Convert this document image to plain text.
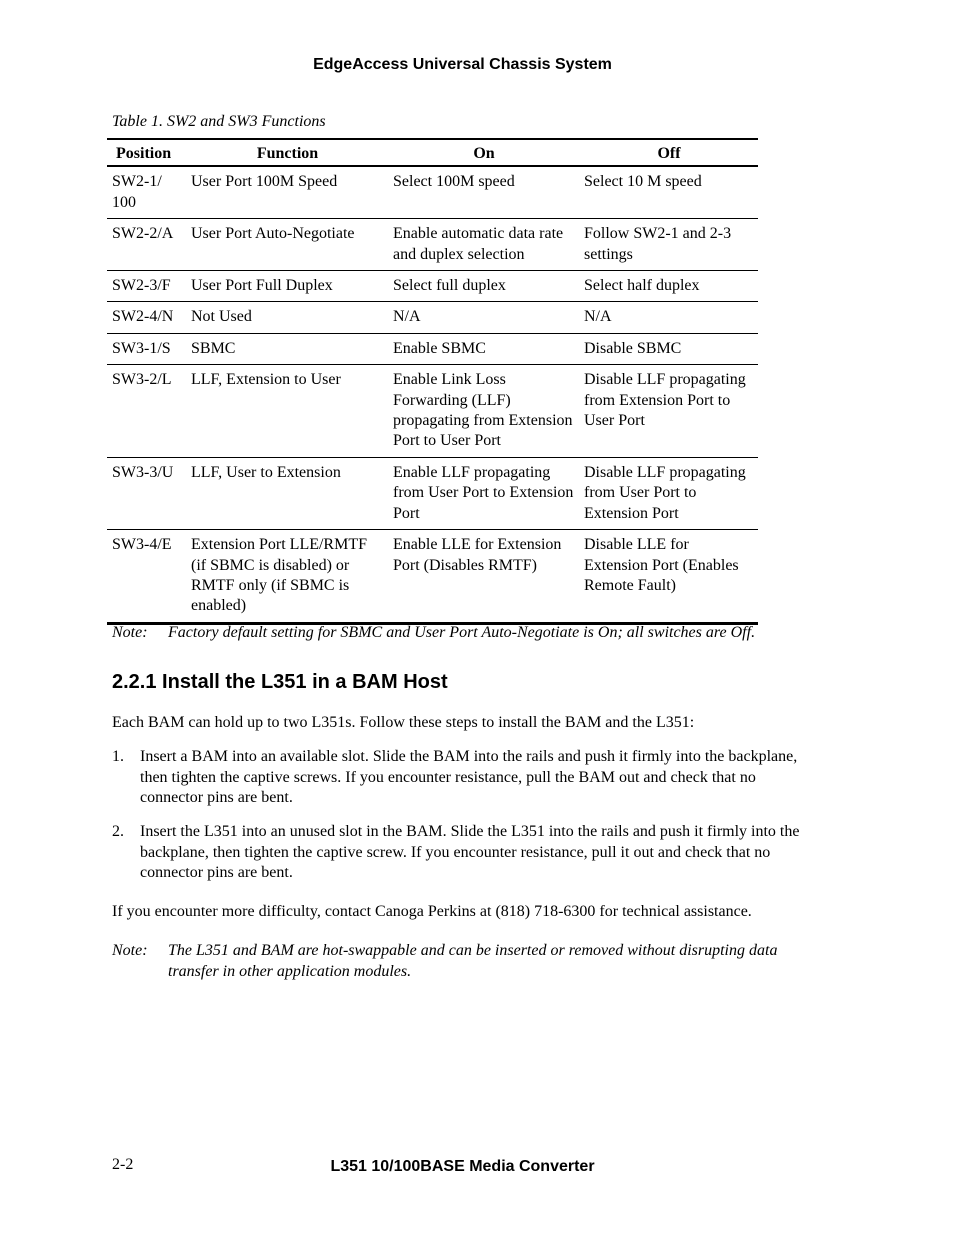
EdgeAccess Universal Chassis System
Table 1. SW2 and SW3 Functions
Position	Function	On	Off
SW2-1/ 100	User Port 100M Speed	Select 100M speed	Select 10 M speed
SW2-2/A	User Port Auto-Negotiate	Enable automatic data rate and duplex selection	Follow SW2-1 and 2-3 settings
SW2-3/F	User Port Full Duplex	Select full duplex	Select half duplex
SW2-4/N	Not Used	N/A	N/A
SW3-1/S	SBMC	Enable SBMC	Disable SBMC
SW3-2/L	LLF, Extension to User	Enable Link Loss Forwarding (LLF) propagating from Extension Port to User Port	Disable LLF propagating from Extension Port to User Port
SW3-3/U	LLF, User to Extension	Enable LLF propagating from User Port to Extension Port	Disable LLF propagating from User Port to Extension Port
SW3-4/E	Extension Port LLE/RMTF (if SBMC is disabled) or RMTF only (if SBMC is enabled)	Enable LLE for Extension Port (Disables RMTF)	Disable LLE for Extension Port (Enables Remote Fault)
Note: Factory default setting for SBMC and User Port Auto-Negotiate is On; all switches are Off.
2.2.1 Install the L351 in a BAM Host
Each BAM can hold up to two L351s. Follow these steps to install the BAM and the L351:
1. Insert a BAM into an available slot. Slide the BAM into the rails and push it firmly into the backplane, then tighten the captive screws. If you encounter resistance, pull the BAM out and check that no connector pins are bent.
2. Insert the L351 into an unused slot in the BAM. Slide the L351 into the rails and push it firmly into the backplane, then tighten the captive screw. If you encounter resistance, pull it out and check that no connector pins are bent.
If you encounter more difficulty, contact Canoga Perkins at (818) 718-6300 for technical assistance.
Note: The L351 and BAM are hot-swappable and can be inserted or removed without disrupting data transfer in other application modules.
2-2	L351 10/100BASE Media Converter
